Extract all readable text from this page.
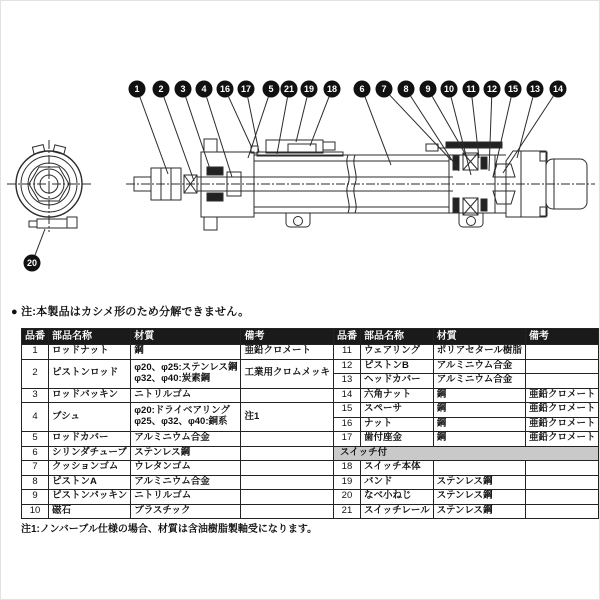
1 2 3 4 16 17 5 21 19 18 6 7 8 9 10 11 12 15 13 14
20
● 注:本製品はカシメ形のため分解できません。
品番	部品名称	材質	備考
1	ロッドナット	鋼	亜鉛クロメート
2	ピストンロッド	φ20、φ25:ステンレス鋼
φ32、φ40:炭素鋼	工業用クロムメッキ
3	ロッドパッキン	ニトリルゴム	

4	ブシュ	φ20:ドライベアリング
φ25、φ32、φ40:銅系	注1
5	ロッドカバー	アルミニウム合金	

6	シリンダチューブ	ステンレス鋼	

7	クッションゴム	ウレタンゴム	

8	ピストンA	アルミニウム合金	

9	ピストンパッキン	ニトリルゴム	

10	磁石	プラスチック	

品番	部品名称	材質	備考
11	ウェアリング	ポリアセタール樹脂	
12	ピストンB	アルミニウム合金	
13	ヘッドカバー	アルミニウム合金	
14	六角ナット	鋼	亜鉛クロメート
15	スペーサ	鋼	亜鉛クロメート
16	ナット	鋼	亜鉛クロメート
17	歯付座金	鋼	亜鉛クロメート
スイッチ付			
18	スイッチ本体		
19	バンド	ステンレス鋼	
20	なべ小ねじ	ステンレス鋼	
21	スイッチレール	ステンレス鋼	
注1:ノンバーブル仕様の場合、材質は含油樹脂製軸受になります。
